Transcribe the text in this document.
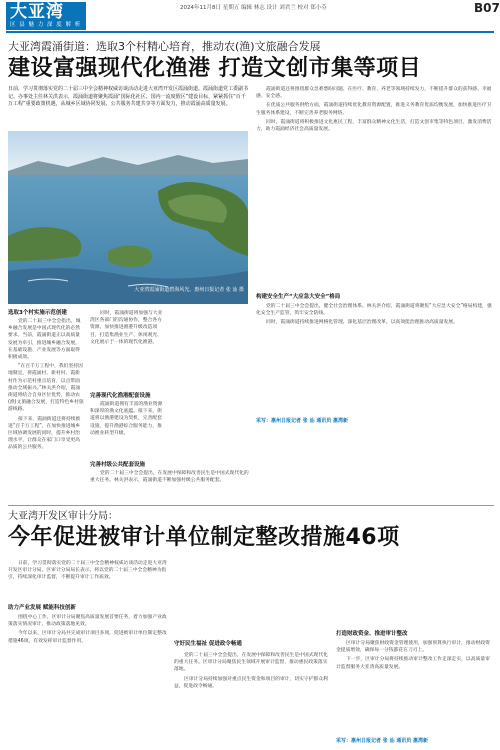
大亚湾
区 县 魅 力 深 度 解 析
2024年11月8日 星期五 编辑 林志 设计 刘君兰 校对 郑小芬	B07
大亚湾霞涌街道：选取3个村精心培育，推动农(渔)文旅融合发展
建设富强现代化渔港 打造文创市集等项目
日前，学习贯彻落实党的二十届三中全会精神权威访谈活动走进大亚湾开发区霞涌街道。霞涌街道党工委副书记、办事处主任林关洪表示，霞涌街道将聚焦霞涌“国际化社区、国内一流度假区”建设目标，紧紧抓住“百千万工程”重要政策机遇，从城乡区域协同发展、公共服务共建共享等方面发力，推动霞涌高质量发展。
大亚湾霞涌街道碧海风光。惠州日报记者 张 汕 摄
选取3个村实施示范创建

党的二十届三中全会指出，城乡融合发展是中国式现代化的必然要求。当前，霞涌街道正以高质量发展为牵引，推进城乡融合发展，在基础设施、产业发展等方面取得积极成效。

“在百千万工程中，我们坚持因地制宜，将霞涌村、新村村、霞新村作为示范村重点培育，以点带面推动全域振兴。”林关洪介绍，霞涌街道将结合自身区位优势，推动农(渔)文旅融合发展，打造特色乡村旅游线路。

接下来，霞涌街道还将持续推进“百千万工程”，在加快推进城乡区域协调发展的同时，提升乡村治理水平，让群众在家门口享受更高品质的公共服务。

同时，霞涌街道将加强与大亚湾区各部门的沟通协作，整合各方资源，加快推进渔港升级改造项目，打造集渔业生产、休闲观光、文化展示于一体的现代化渔港。

完善现代化渔港配套设施

霞涌街道拥有丰富的渔业资源和深厚的渔文化底蕴。接下来，街道将以渔港建设为契机，完善配套设施，提升渔港综合服务能力，推动渔业转型升级。

完善村级公共配套设施

党的二十届三中全会提出，在发展中保障和改善民生是中国式现代化的重大任务。林关洪表示，霞涌街道不断加强村级公共服务配套。

霞涌街道还将围绕群众急难愁盼问题，在医疗、教育、养老等领域持续发力，不断提升群众的获得感、幸福感、安全感。

在优质公共服务供给方面，霞涌街道持续优化教育资源配置，推进义务教育优质均衡发展，加快推进医疗卫生服务体系建设，不断完善养老服务网络。

同时，霞涌街道将积极推进文化惠民工程，丰富群众精神文化生活，打造文创市集等特色项目，激发消费活力，助力霞涌经济社会高质量发展。

构建安全生产“大应急大安全”格局

党的二十届三中全会提出，健全社会治理体系。林关洪介绍，霞涌街道将聚焦“大应急大安全”格局构建，强化安全生产监管，筑牢安全防线。

同时，霞涌街道持续推进网格化管理，深化基层治理改革，以高效能治理推动高质量发展。

采写：惠州日报记者 张 汕 通讯员 惠湾新
大亚湾开发区审计分局：
今年促进被审计单位制定整改措施46项

日前，学习贯彻落实党的二十届三中全会精神权威访谈活动走进大亚湾开发区审计分局。区审计分局局长表示，将以党的二十届三中全会精神为指引，持续深化审计监督，不断提升审计工作质效。

助力产业发展 赋能科技创新

围绕中心工作，区审计分局聚焦高质量发展首要任务，着力加强产业政策落实情况审计，推动政策落地见效。

今年以来，区审计分局共完成审计项目多项，促进被审计单位制定整改措施46项，有效发挥审计监督作用。	守好民生福祉 促进政令畅通

党的二十届三中全会提出，在发展中保障和改善民生是中国式现代化的重大任务。区审计分局聚焦民生领域开展审计监督，推动惠民政策落实落地。

区审计分局持续加强对重点民生资金和项目的审计，切实守护群众利益，促进政令畅通。

打造财政资金、推进审计整改

区审计分局聚焦财政资金管理使用，加强预算执行审计，推动财政资金提质增效，确保每一分钱都花在刀刃上。

下一步，区审计分局将持续推动审计整改工作走深走实，以高质量审计监督服务大亚湾高质量发展。

采写：惠州日报记者 张 汕 通讯员 惠湾新
